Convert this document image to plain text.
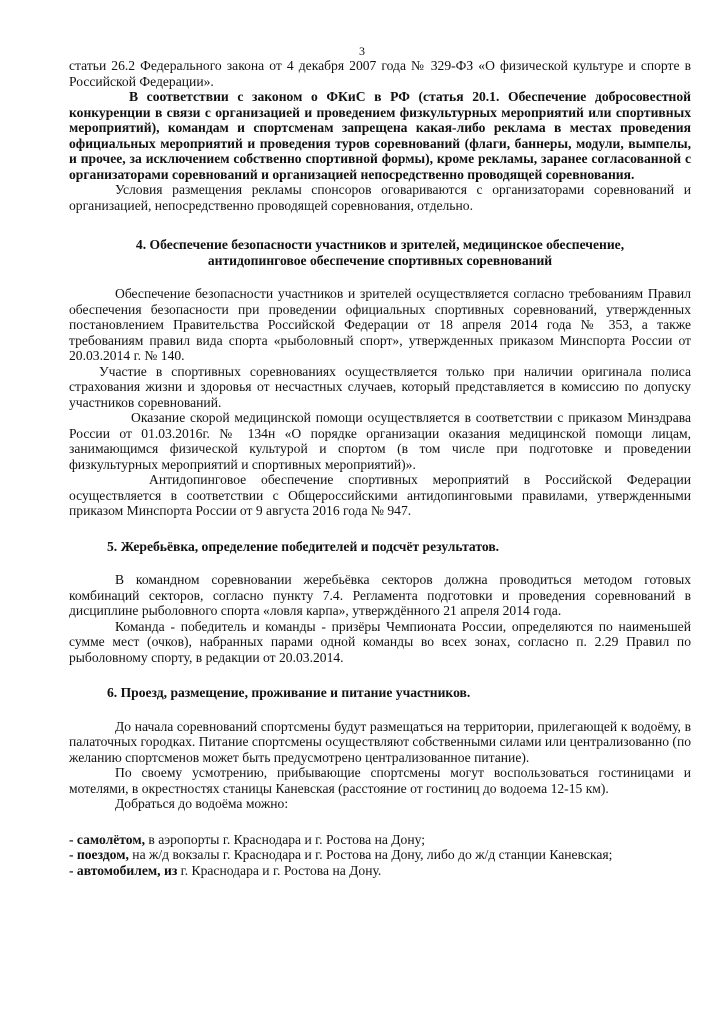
3

статьи 26.2 Федерального закона от 4 декабря 2007 года № 329-ФЗ «О физической культуре и спорте в Российской Федерации».

В соответствии с законом о ФКиС в РФ (статья 20.1. Обеспечение добросовестной конкуренции в связи с организацией и проведением физкультурных мероприятий или спортивных мероприятий), командам и спортсменам запрещена какая-либо реклама в местах проведения официальных мероприятий и проведения туров соревнований (флаги, баннеры, модули, вымпелы, и прочее, за исключением собственно спортивной формы), кроме рекламы, заранее согласованной с организаторами соревнований и организацией непосредственно проводящей соревнования.

Условия размещения рекламы спонсоров оговариваются с организаторами соревнований и организацией, непосредственно проводящей соревнования, отдельно.

4. Обеспечение безопасности участников и зрителей, медицинское обеспечение,
антидопинговое обеспечение спортивных соревнований

Обеспечение безопасности участников и зрителей осуществляется согласно требованиям Правил обеспечения безопасности при проведении официальных спортивных соревнований, утвержденных постановлением Правительства Российской Федерации от 18 апреля 2014 года № 353, а также требованиям правил вида спорта «рыболовный спорт», утвержденных приказом Минспорта России от 20.03.2014 г. № 140.

Участие в спортивных соревнованиях осуществляется только при наличии оригинала полиса страхования жизни и здоровья от несчастных случаев, который представляется в комиссию по допуску участников соревнований.

Оказание скорой медицинской помощи осуществляется в соответствии с приказом Минздрава России от 01.03.2016г. № 134н «О порядке организации оказания медицинской помощи лицам, занимающимся физической культурой и спортом (в том числе при подготовке и проведении физкультурных мероприятий и спортивных мероприятий)».

Антидопинговое обеспечение спортивных мероприятий в Российской Федерации осуществляется в соответствии с Общероссийскими антидопинговыми правилами, утвержденными приказом Минспорта России от 9 августа 2016 года № 947.

5. Жеребьёвка, определение победителей и подсчёт результатов.

В командном соревновании жеребьёвка секторов должна проводиться методом готовых комбинаций секторов, согласно пункту 7.4. Регламента подготовки и проведения соревнований в дисциплине рыболовного спорта «ловля карпа», утверждённого 21 апреля 2014 года.

Команда - победитель и команды - призёры Чемпионата России, определяются по наименьшей сумме мест (очков), набранных парами одной команды во всех зонах, согласно п. 2.29 Правил по рыболовному спорту, в редакции от 20.03.2014.

6. Проезд, размещение, проживание и питание участников.

До начала соревнований спортсмены будут размещаться на территории, прилегающей к водоёму, в палаточных городках. Питание спортсмены осуществляют собственными силами или централизованно (по желанию спортсменов может быть предусмотрено централизованное питание).

По своему усмотрению, прибывающие спортсмены могут воспользоваться гостиницами и мотелями, в окрестностях станицы Каневская (расстояние от гостиниц до водоема 12-15 км).

Добраться до водоёма можно:

- самолётом, в аэропорты г. Краснодара и г. Ростова на Дону;

- поездом, на ж/д вокзалы г. Краснодара и г. Ростова на Дону, либо до ж/д станции Каневская;

- автомобилем, из г. Краснодара и г. Ростова на Дону.
